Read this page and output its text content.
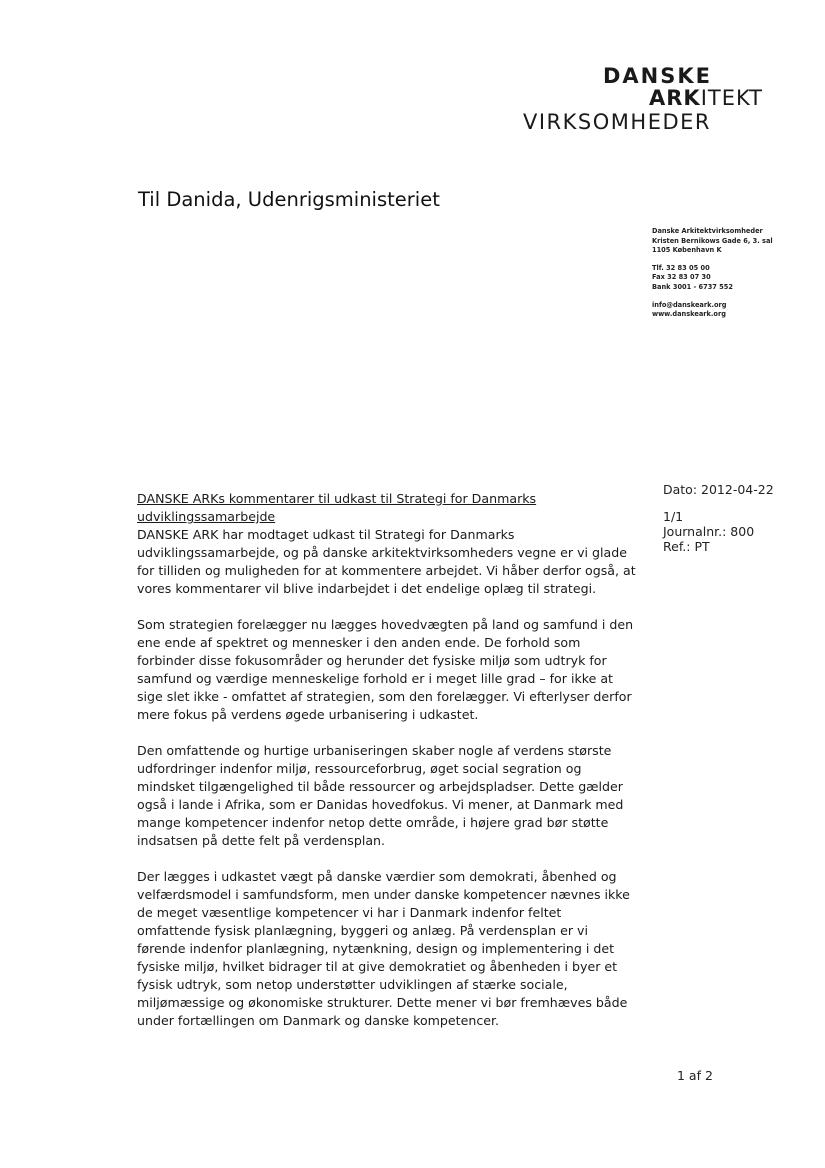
DANSKE
ARKITEKT
VIRKSOMHEDER
Til Danida, Udenrigsministeriet
Danske Arkitektvirksomheder
Kristen Bernikows Gade 6, 3. sal
1105 København K
Tlf. 32 83 05 00
Fax 32 83 07 30
Bank 3001 - 6737 552
info@danskeark.org
www.danskeark.org
Dato: 2012-04-22
1/1
Journalnr.: 800
Ref.: PT
DANSKE ARKs kommentarer til udkast til Strategi for Danmarks udviklingssamarbejde

DANSKE ARK har modtaget udkast til Strategi for Danmarks udviklingssamarbejde, og på danske arkitektvirksomheders vegne er vi glade for tilliden og muligheden for at kommentere arbejdet. Vi håber derfor også, at vores kommentarer vil blive indarbejdet i det endelige oplæg til strategi.

Som strategien forelægger nu lægges hovedvægten på land og samfund i den ene ende af spektret og mennesker i den anden ende. De forhold som forbinder disse fokusområder og herunder det fysiske miljø som udtryk for samfund og værdige menneskelige forhold er i meget lille grad – for ikke at sige slet ikke - omfattet af strategien, som den forelægger. Vi efterlyser derfor mere fokus på verdens øgede urbanisering i udkastet.

Den omfattende og hurtige urbaniseringen skaber nogle af verdens største udfordringer indenfor miljø, ressourceforbrug, øget social segration og mindsket tilgængelighed til både ressourcer og arbejdspladser. Dette gælder også i lande i Afrika, som er Danidas hovedfokus. Vi mener, at Danmark med mange kompetencer indenfor netop dette område, i højere grad bør støtte indsatsen på dette felt på verdensplan.

Der lægges i udkastet vægt på danske værdier som demokrati, åbenhed og velfærdsmodel i samfundsform, men under danske kompetencer nævnes ikke de meget væsentlige kompetencer vi har i Danmark indenfor feltet omfattende fysisk planlægning, byggeri og anlæg. På verdensplan er vi førende indenfor planlægning, nytænkning, design og implementering i det fysiske miljø, hvilket bidrager til at give demokratiet og åbenheden i byer et fysisk udtryk, som netop understøtter udviklingen af stærke sociale, miljømæssige og økonomiske strukturer. Dette mener vi bør fremhæves både under fortællingen om Danmark og danske kompetencer.

1 af 2
